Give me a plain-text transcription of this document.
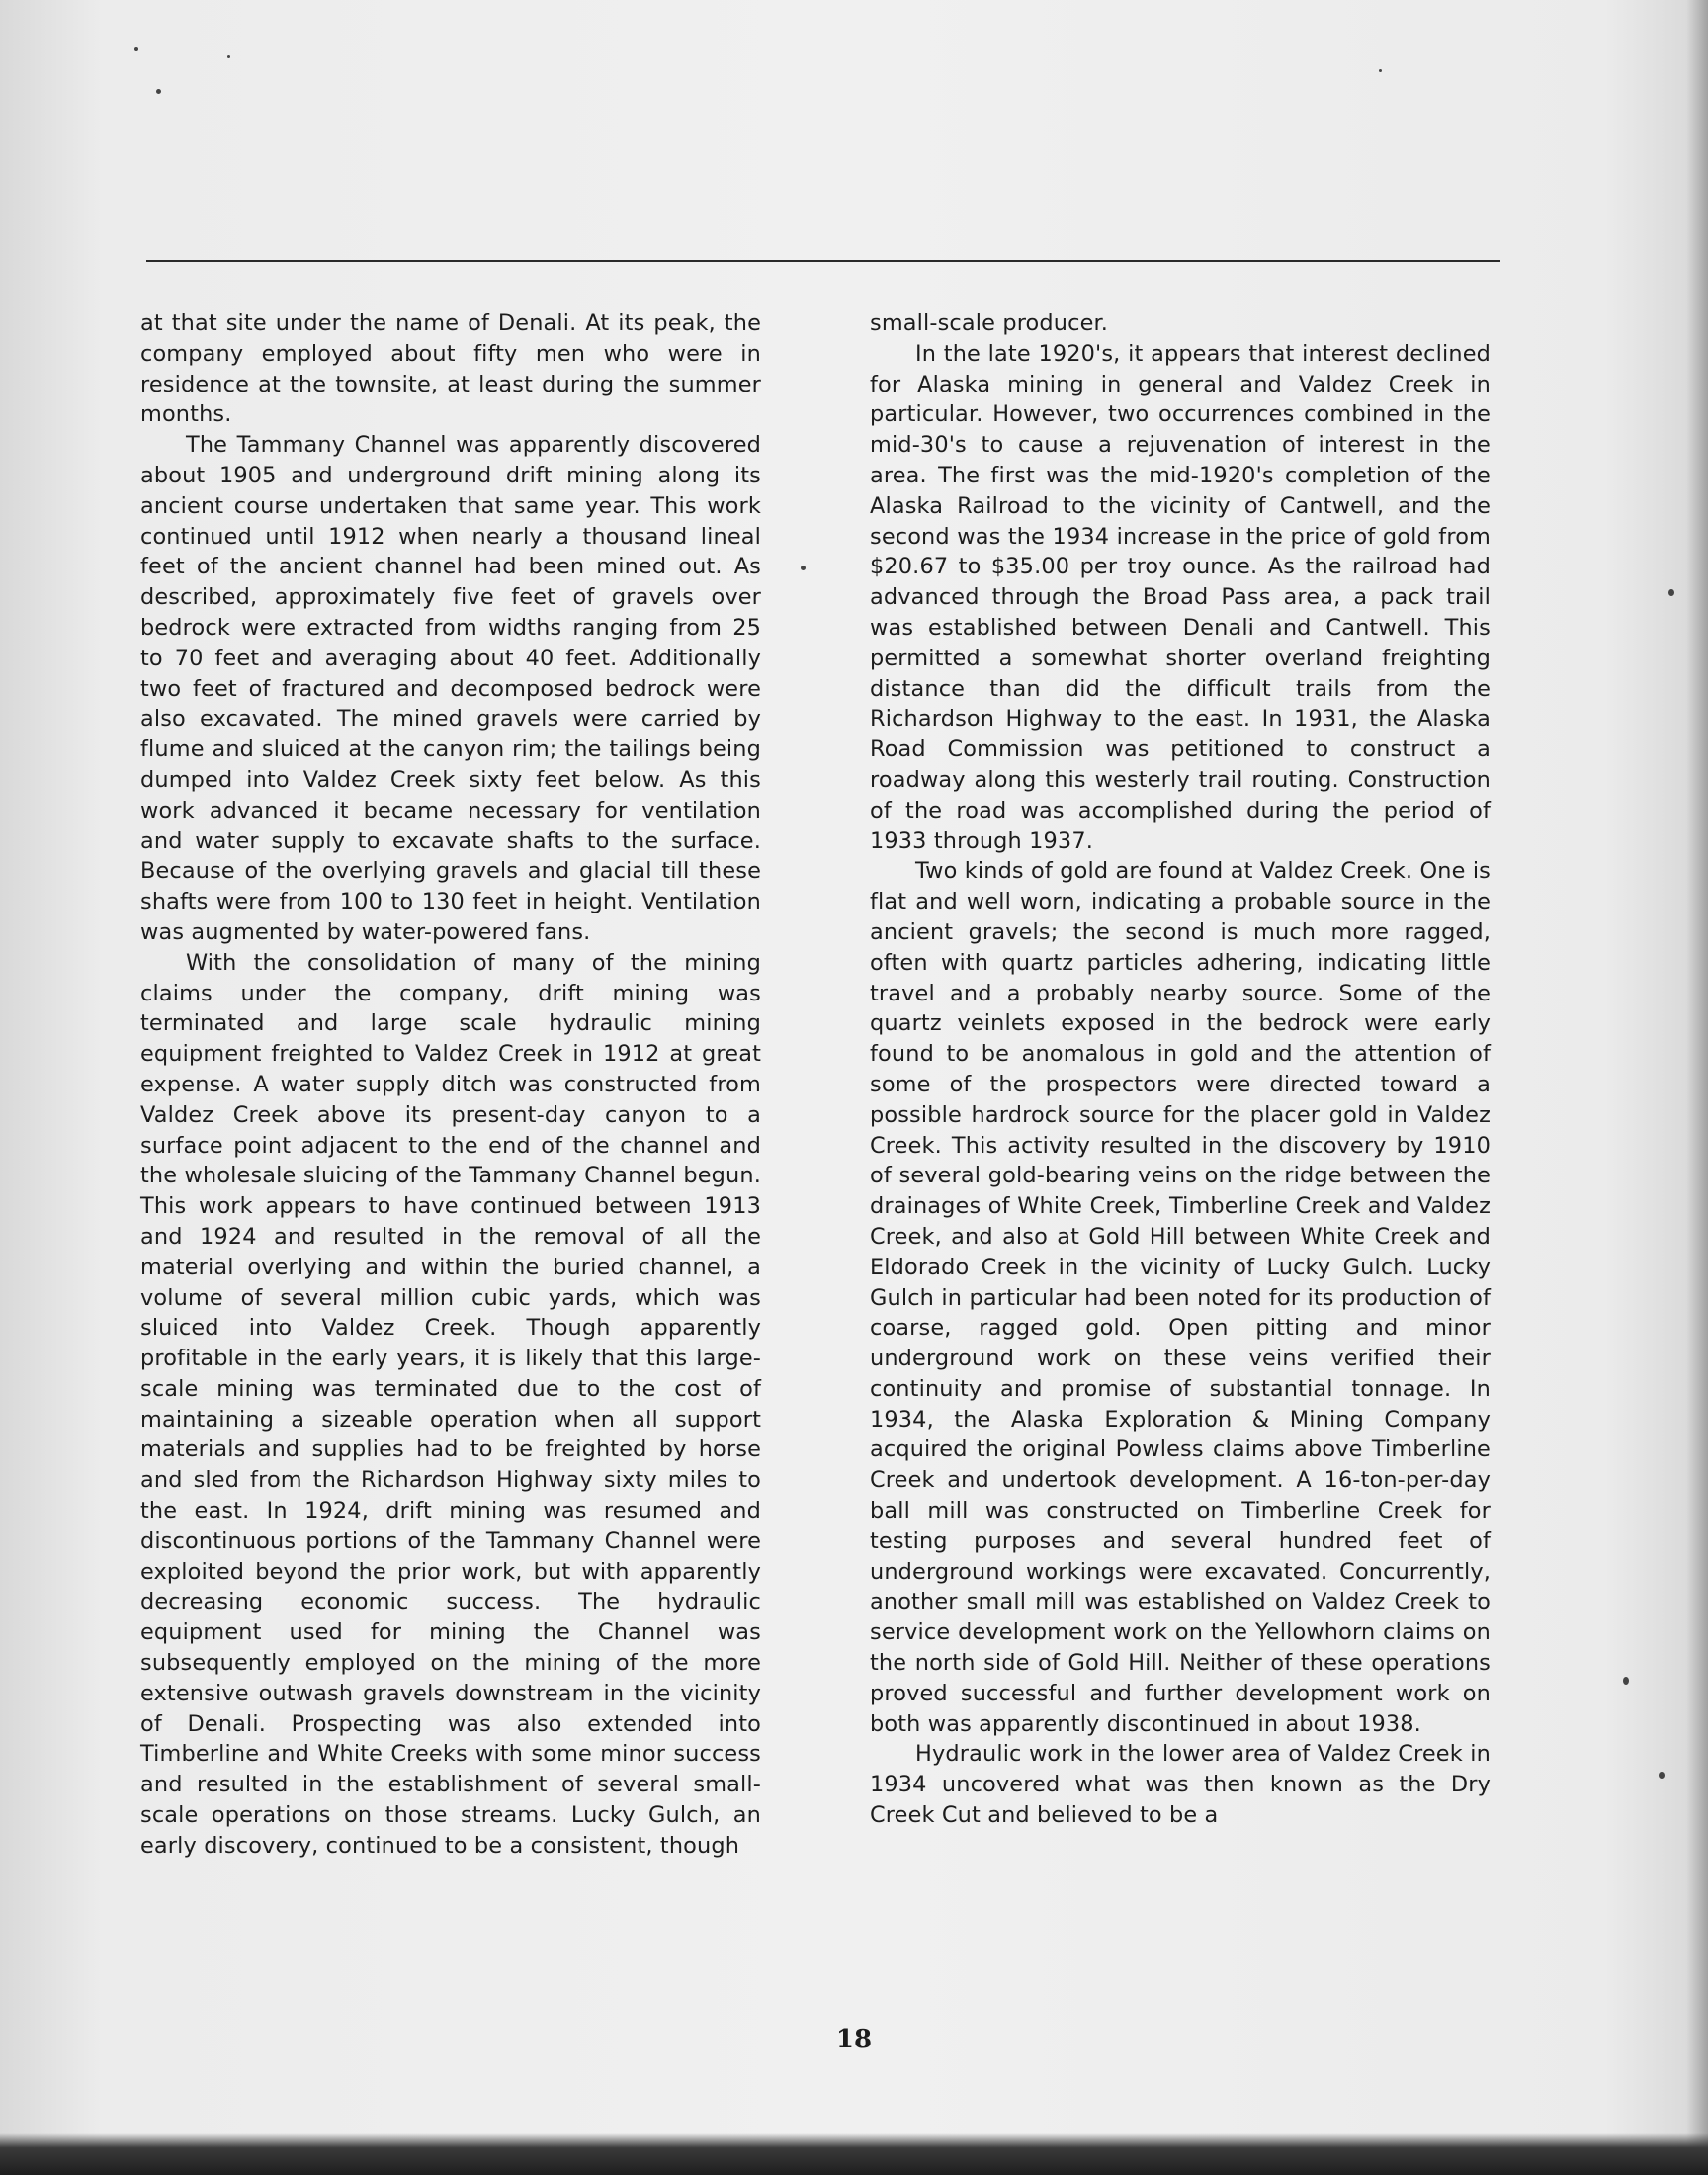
at that site under the name of Denali. At its peak, the company employed about fifty men who were in residence at the townsite, at least during the summer months.

The Tammany Channel was apparently discovered about 1905 and underground drift mining along its ancient course undertaken that same year. This work continued until 1912 when nearly a thousand lineal feet of the ancient channel had been mined out. As described, approximately five feet of gravels over bedrock were extracted from widths ranging from 25 to 70 feet and averaging about 40 feet. Additionally two feet of fractured and decomposed bedrock were also excavated. The mined gravels were carried by flume and sluiced at the canyon rim; the tailings being dumped into Valdez Creek sixty feet below. As this work advanced it became necessary for ventilation and water supply to excavate shafts to the surface. Because of the overlying gravels and glacial till these shafts were from 100 to 130 feet in height. Ventilation was augmented by water-powered fans.

With the consolidation of many of the mining claims under the company, drift mining was terminated and large scale hydraulic mining equipment freighted to Valdez Creek in 1912 at great expense. A water supply ditch was constructed from Valdez Creek above its present-day canyon to a surface point adjacent to the end of the channel and the wholesale sluicing of the Tammany Channel begun. This work appears to have continued between 1913 and 1924 and resulted in the removal of all the material overlying and within the buried channel, a volume of several million cubic yards, which was sluiced into Valdez Creek. Though apparently profitable in the early years, it is likely that this large-scale mining was terminated due to the cost of maintaining a sizeable operation when all support materials and supplies had to be freighted by horse and sled from the Richardson Highway sixty miles to the east. In 1924, drift mining was resumed and discontinuous portions of the Tammany Channel were exploited beyond the prior work, but with apparently decreasing economic success. The hydraulic equipment used for mining the Channel was subsequently employed on the mining of the more extensive outwash gravels downstream in the vicinity of Denali. Prospecting was also extended into Timberline and White Creeks with some minor success and resulted in the establishment of several small-scale operations on those streams. Lucky Gulch, an early discovery, continued to be a consistent, though

small-scale producer.

In the late 1920's, it appears that interest declined for Alaska mining in general and Valdez Creek in particular. However, two occurrences combined in the mid-30's to cause a rejuvenation of interest in the area. The first was the mid-1920's completion of the Alaska Railroad to the vicinity of Cantwell, and the second was the 1934 increase in the price of gold from $20.67 to $35.00 per troy ounce. As the railroad had advanced through the Broad Pass area, a pack trail was established between Denali and Cantwell. This permitted a somewhat shorter overland freighting distance than did the difficult trails from the Richardson Highway to the east. In 1931, the Alaska Road Commission was petitioned to construct a roadway along this westerly trail routing. Construction of the road was accomplished during the period of 1933 through 1937.

Two kinds of gold are found at Valdez Creek. One is flat and well worn, indicating a probable source in the ancient gravels; the second is much more ragged, often with quartz particles adhering, indicating little travel and a probably nearby source. Some of the quartz veinlets exposed in the bedrock were early found to be anomalous in gold and the attention of some of the prospectors were directed toward a possible hardrock source for the placer gold in Valdez Creek. This activity resulted in the discovery by 1910 of several gold-bearing veins on the ridge between the drainages of White Creek, Timberline Creek and Valdez Creek, and also at Gold Hill between White Creek and Eldorado Creek in the vicinity of Lucky Gulch. Lucky Gulch in particular had been noted for its production of coarse, ragged gold. Open pitting and minor underground work on these veins verified their continuity and promise of substantial tonnage. In 1934, the Alaska Exploration & Mining Company acquired the original Powless claims above Timberline Creek and undertook development. A 16-ton-per-day ball mill was constructed on Timberline Creek for testing purposes and several hundred feet of underground workings were excavated. Concurrently, another small mill was established on Valdez Creek to service development work on the Yellowhorn claims on the north side of Gold Hill. Neither of these operations proved successful and further development work on both was apparently discontinued in about 1938.

Hydraulic work in the lower area of Valdez Creek in 1934 uncovered what was then known as the Dry Creek Cut and believed to be a

18
